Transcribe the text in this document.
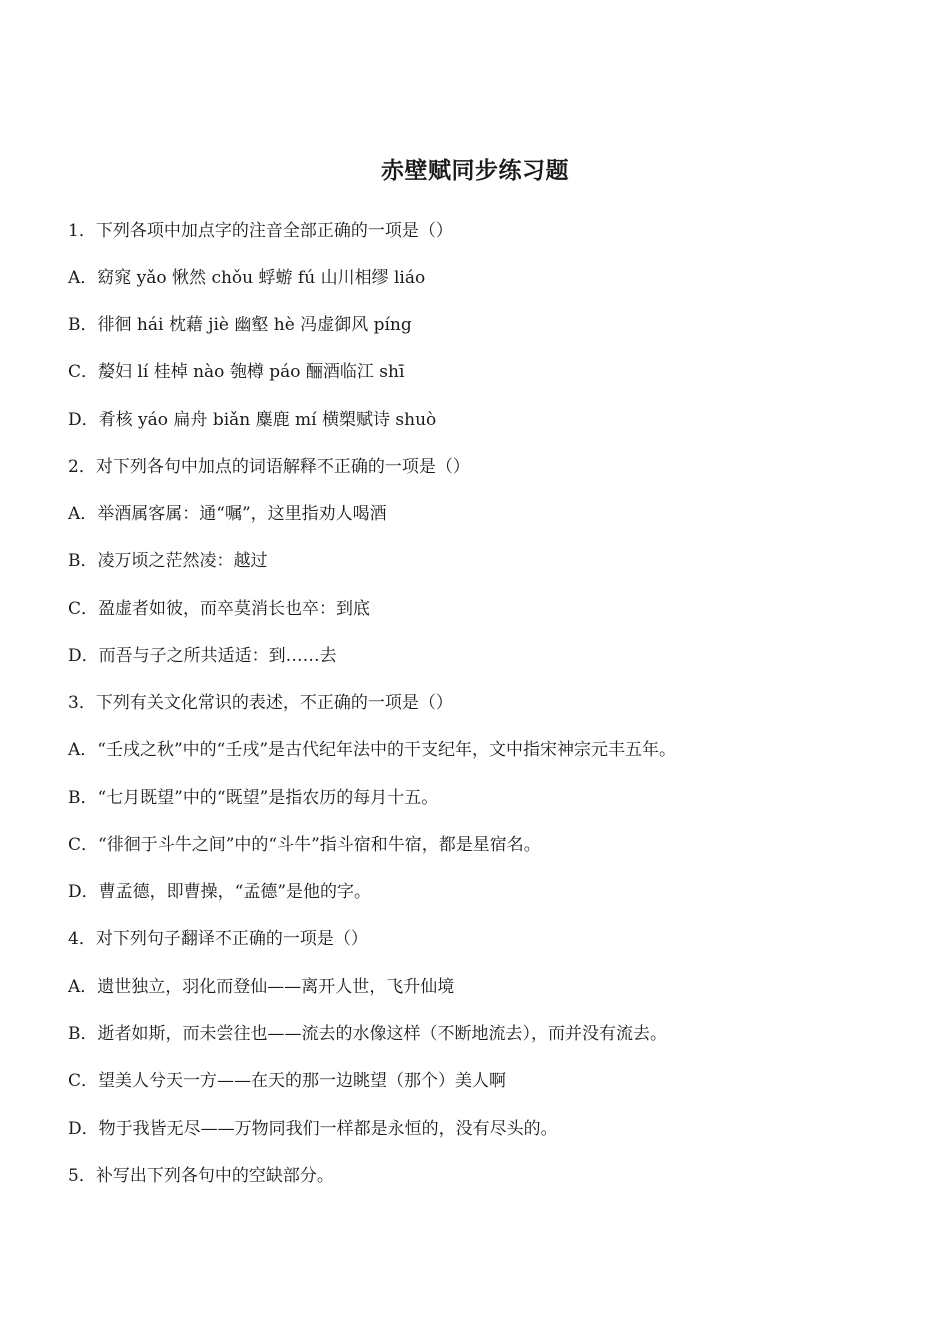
赤壁赋同步练习题
1．下列各项中加点字的注音全部正确的一项是（）
A．窈窕 yǎo 愀然 chǒu 蜉蝣 fú 山川相缪 liáo
B．徘徊 hái 枕藉 jiè 幽壑 hè 冯虚御风 píng
C．嫠妇 lí 桂棹 nào 匏樽 páo 酾酒临江 shī
D．肴核 yáo 扁舟 biǎn 麋鹿 mí 横槊赋诗 shuò
2．对下列各句中加点的词语解释不正确的一项是（）
A．举酒属客属：通“嘱”，这里指劝人喝酒
B．凌万顷之茫然凌：越过
C．盈虚者如彼，而卒莫消长也卒：到底
D．而吾与子之所共适适：到……去
3．下列有关文化常识的表述，不正确的一项是（）
A．“壬戌之秋”中的“壬戌”是古代纪年法中的干支纪年，文中指宋神宗元丰五年。
B．“七月既望”中的“既望”是指农历的每月十五。
C．“徘徊于斗牛之间”中的“斗牛”指斗宿和牛宿，都是星宿名。
D．曹孟德，即曹操，“孟德”是他的字。
4．对下列句子翻译不正确的一项是（）
A．遗世独立，羽化而登仙——离开人世，飞升仙境
B．逝者如斯，而未尝往也——流去的水像这样（不断地流去），而并没有流去。
C．望美人兮天一方——在天的那一边眺望（那个）美人啊
D．物于我皆无尽——万物同我们一样都是永恒的，没有尽头的。
5．补写出下列各句中的空缺部分。
